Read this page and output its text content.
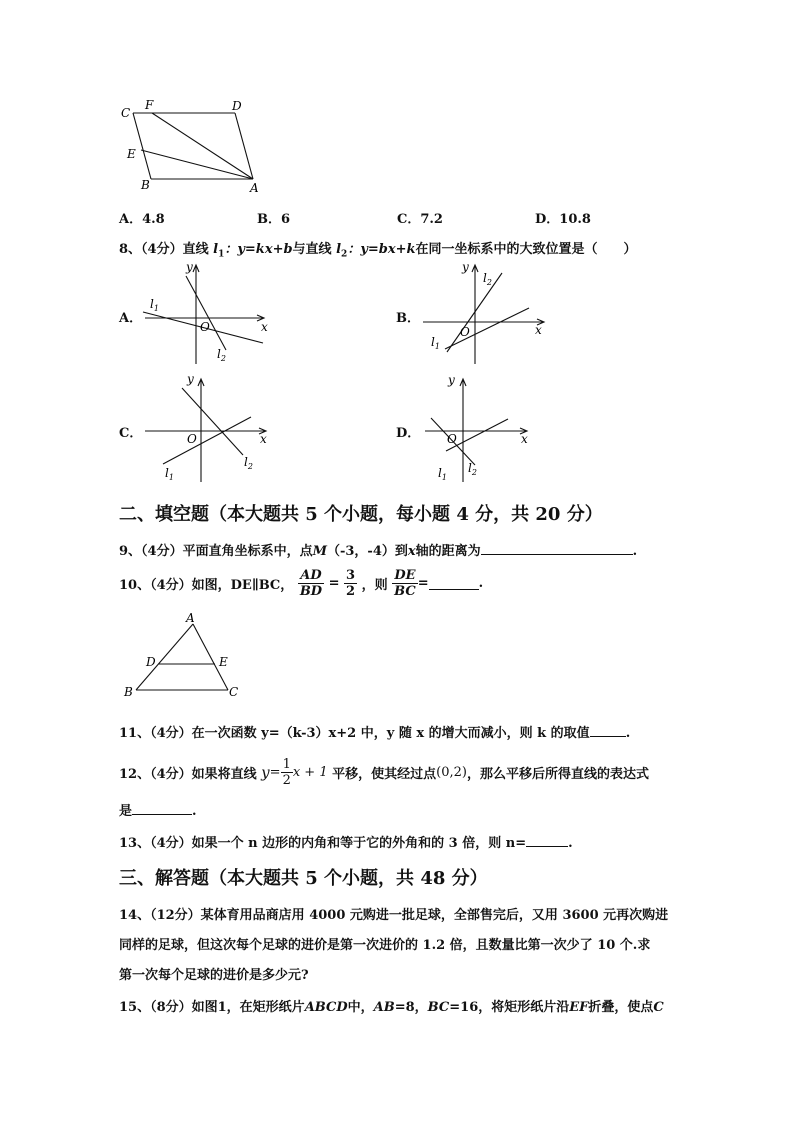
C
F	D
E
B	A
A．4.8	B．6	C．7.2	D．10.8
8、（4分）直线 $l_1$：y=kx+b与直线 $l_2$：y=bx+k在同一坐标系中的大致位置是（　　）
A．
y
x
O
$l_1$
$l_2$
B．
y
x
O
$l_1$
$l_2$
C．
y
x
O
$l_1$
$l_2$
D．
y
x
O
$l_1$
$l_2$
二、填空题（本大题共 5 个小题，每小题 4 分，共 20 分）
9、（4分）平面直角坐标系中，点M（-3，-4）到x轴的距离为	.
10、（4分）如图，DE∥BC， $\frac{AD}{BD} = \frac{3}{2}$ ，则 $\frac{DE}{BC}$ =	.
A
D	E
B	C
11、（4分）在一次函数 y=（k-3）x+2 中，y 随 x 的增大而减小，则 k 的取值	.
12、（4分）如果将直线 $y= \frac{1}{2}$ x + 1 平移，使其经过点(0,2)，那么平移后所得直线的表达式
是	.
13、（4分）如果一个 n 边形的内角和等于它的外角和的 3 倍，则 n=	.
三、解答题（本大题共 5 个小题，共 48 分）
14、（12分）某体育用品商店用 4000 元购进一批足球，全部售完后，又用 3600 元再次购进
同样的足球，但这次每个足球的进价是第一次进价的 1.2 倍，且数量比第一次少了 10 个.求
第一次每个足球的进价是多少元?
15、（8分）如图1，在矩形纸片ABCD中，AB=8，BC=16，将矩形纸片沿EF折叠，使点C
